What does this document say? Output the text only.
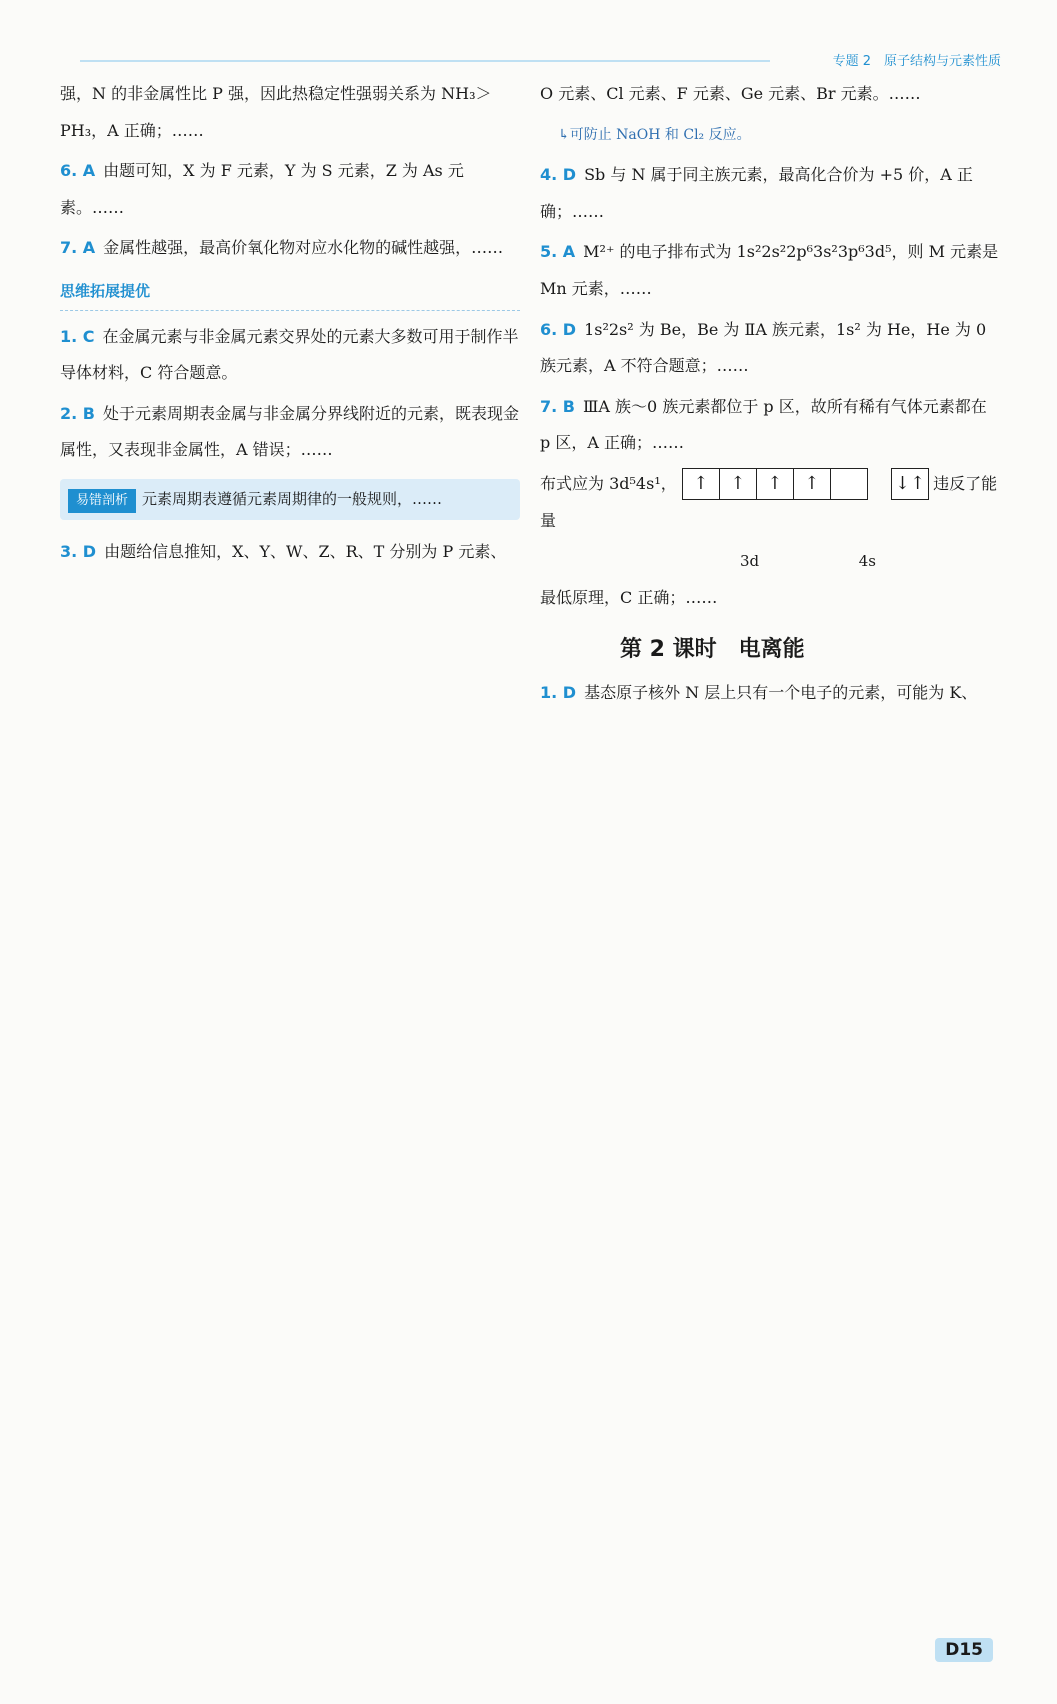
专题 2　原子结构与元素性质

强，N 的非金属性比 P 强，因此热稳定性强弱关系为 NH₃＞PH₃，A 正确；……

6. A 由题可知，X 为 F 元素，Y 为 S 元素，Z 为 As 元素。……

7. A 金属性越强，最高价氧化物对应水化物的碱性越强，……

思维拓展提优

1. C 在金属元素与非金属元素交界处的元素大多数可用于制作半导体材料，C 符合题意。

2. B 处于元素周期表金属与非金属分界线附近的元素，既表现金属性，又表现非金属性，A 错误；……

易错剖析 元素周期表遵循元素周期律的一般规则，……

3. D 由题给信息推知，X、Y、W、Z、R、T 分别为 P 元素、

O 元素、Cl 元素、F 元素、Ge 元素、Br 元素。……

↳可防止 NaOH 和 Cl₂ 反应。

4. D Sb 与 N 属于同主族元素，最高化合价为 +5 价，A 正确；……

5. A M²⁺ 的电子排布式为 1s²2s²2p⁶3s²3p⁶3d⁵，则 M 元素是 Mn 元素，……

6. D 1s²2s² 为 Be，Be 为 ⅡA 族元素，1s² 为 He，He 为 0 族元素，A 不符合题意；……

7. B ⅢA 族～0 族元素都位于 p 区，故所有稀有气体元素都在 p 区，A 正确；……

布式应为 3d⁵4s¹， ↑ ↑ ↑ ↑	↓↑ 违反了能量

3d	4s

最低原理，C 正确；……

第 2 课时　电离能

1. D 基态原子核外 N 层上只有一个电子的元素，可能为 K、

D15
